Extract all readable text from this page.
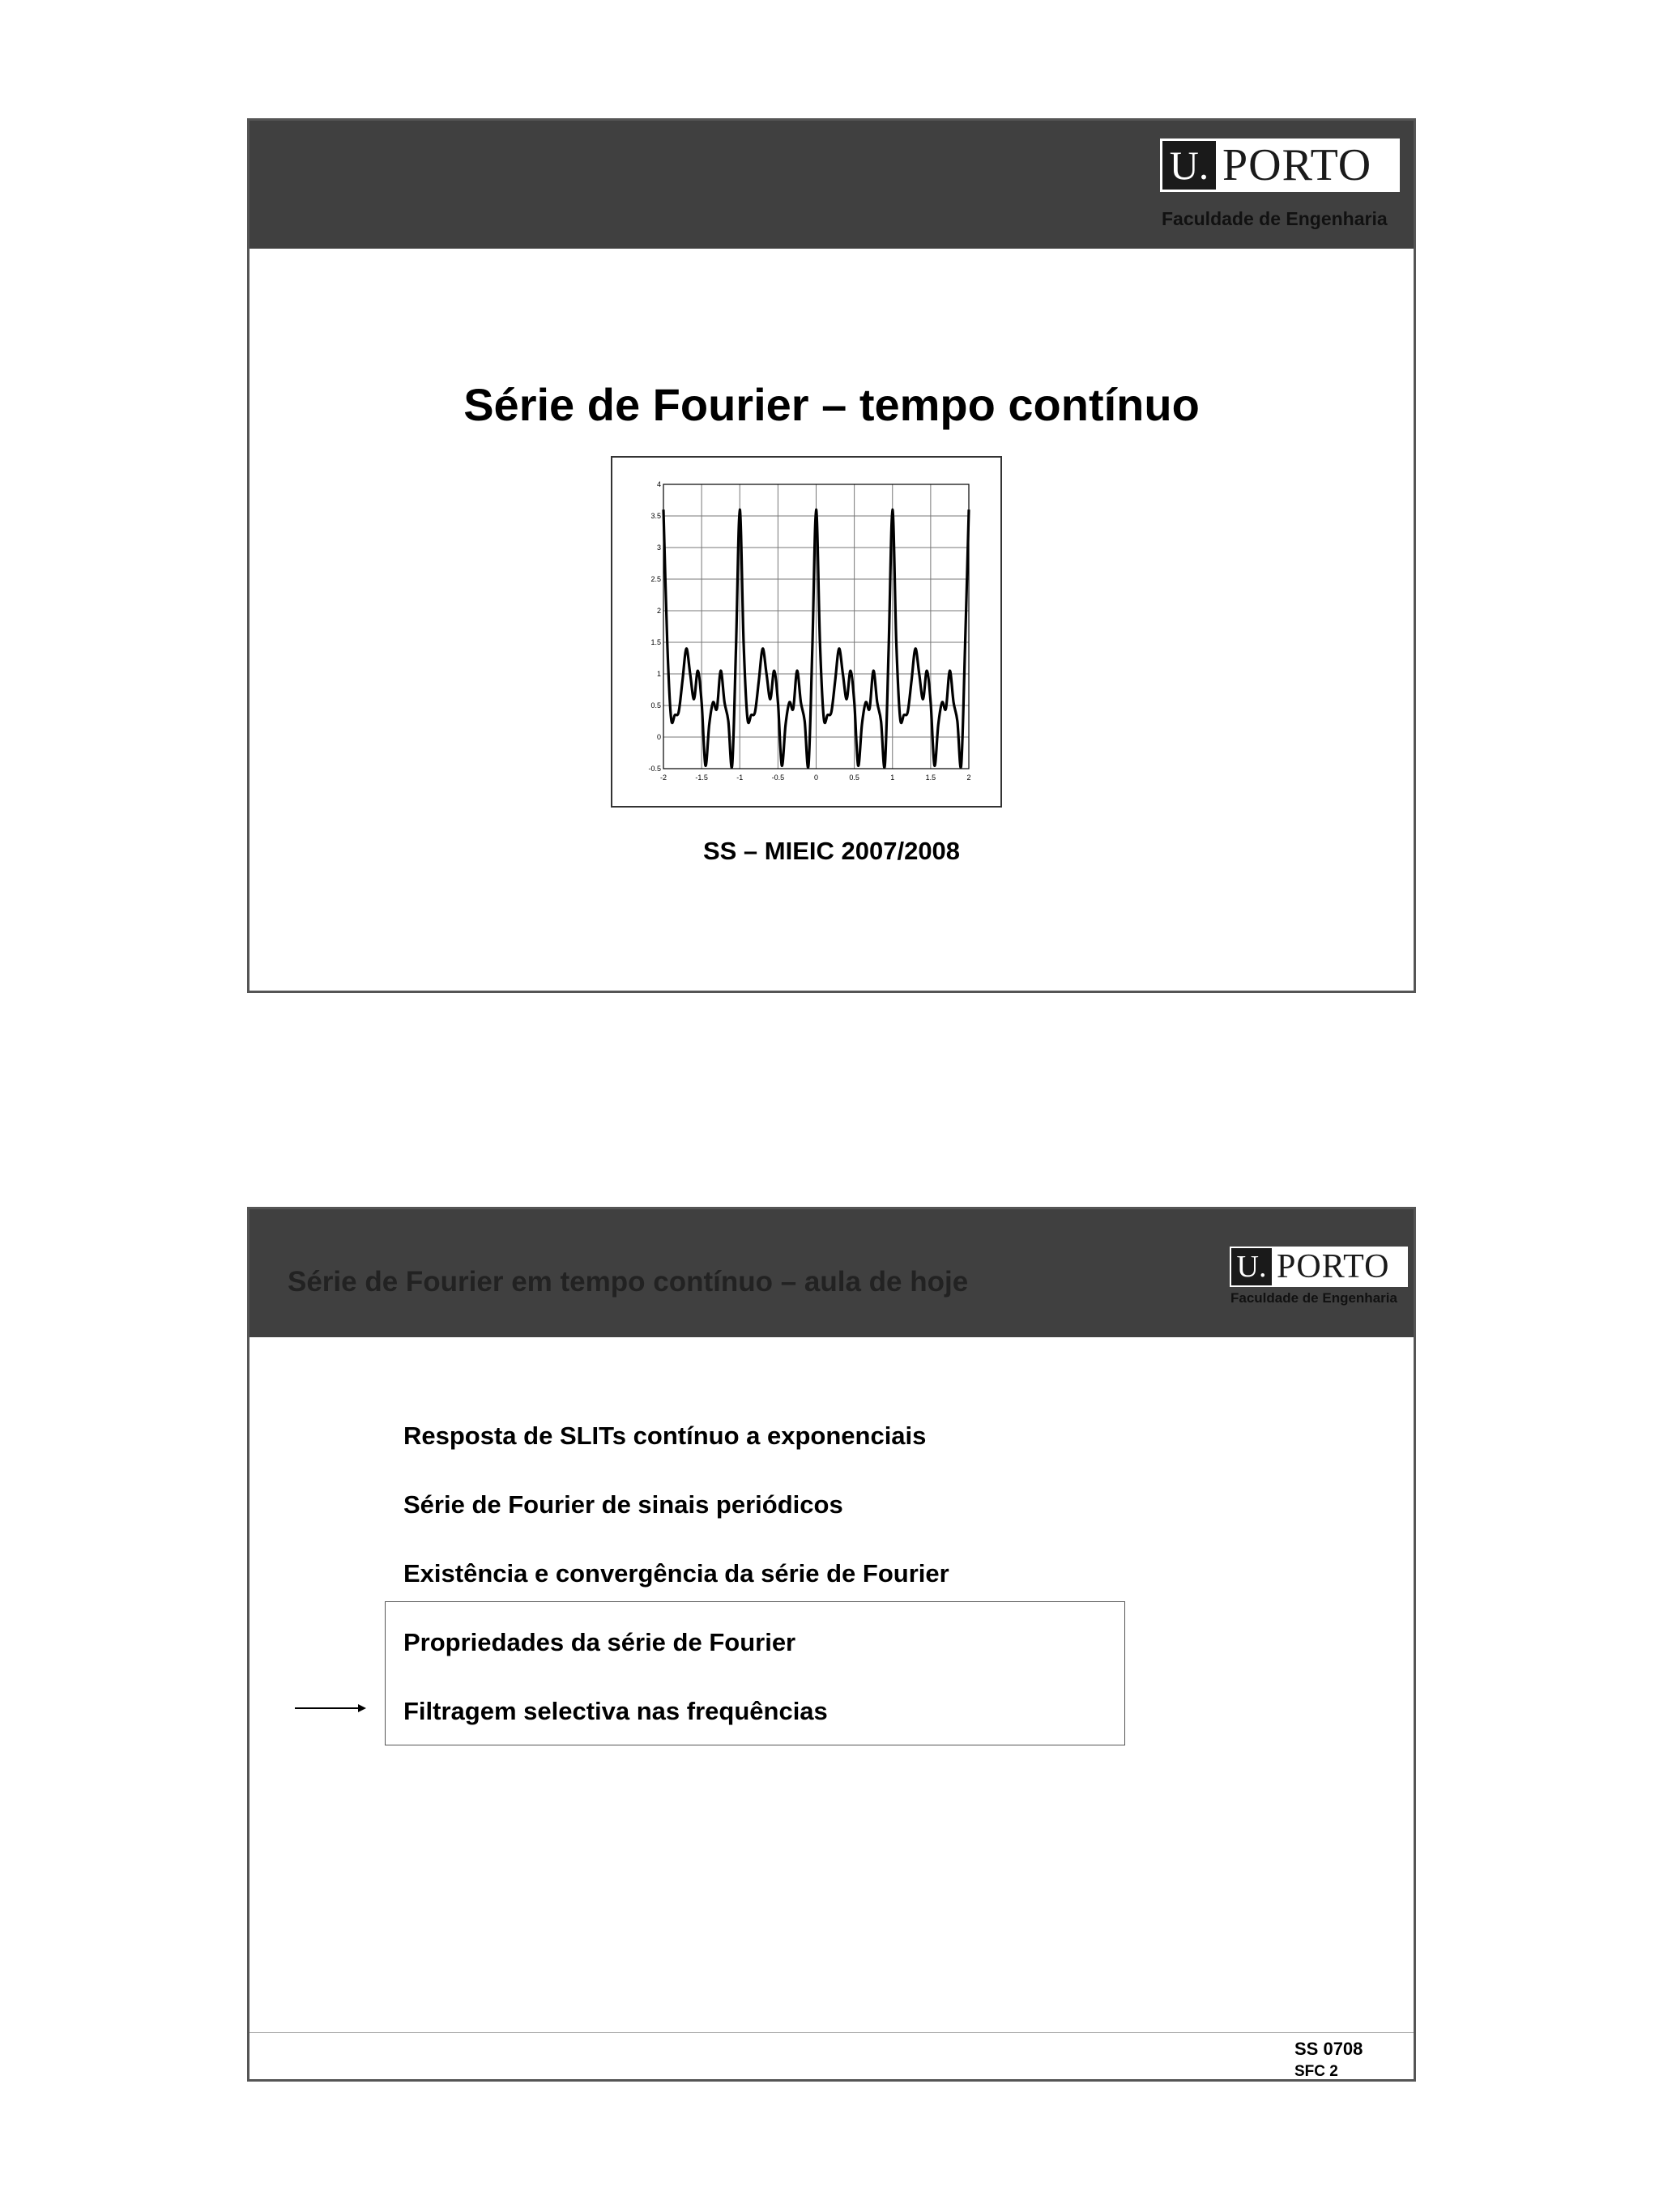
U. PORTO
Faculdade de Engenharia
Série de Fourier – tempo contínuo
-2	-1.5	-1	-0.5	0	0.5	1	1.5	2
-0.5
0
0.5
1
1.5
2
2.5
3
3.5
4
SS – MIEIC 2007/2008
Série de Fourier em tempo contínuo – aula de hoje	U. PORTO
Faculdade de Engenharia
Resposta de SLITs contínuo a exponenciais
Série de Fourier de sinais periódicos
Existência e convergência da série de Fourier
Propriedades da série de Fourier
Filtragem selectiva nas frequências
SS 0708
SFC 2
